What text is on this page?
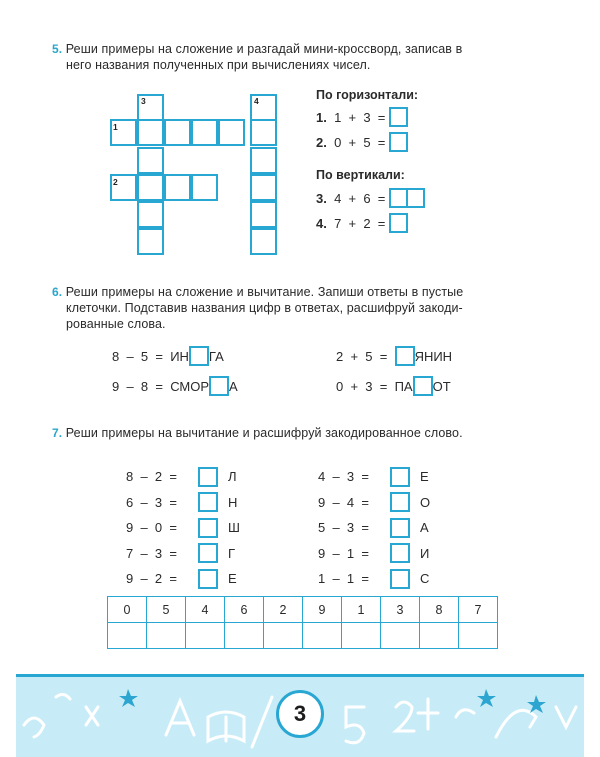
5. Реши примеры на сложение и разгадай мини-кроссворд, записав в
него названия полученных при вычислениях чисел.
1
2
3	4	По горизонтали:
1.
1  +  3  =

2.
0  +  5  =

По вертикали:
3.
4  +  6  =

4.
7  +  2  =

6. Реши примеры на сложение и вычитание. Запиши ответы в пустые
клеточки. Подставив названия цифр в ответах, расшифруй закоди-
рованные слова.
8  –  5  =
ИН ГА
9  –  8  =
СМОР А
2  +  5  =
ЯНИН
0  +  3  =
ПА ОТ
7. Реши примеры на вычитание и расшифруй закодированное слово.
8  –  2  =	Л
6  –  3  =	Н
9  –  0  =	Ш
7  –  3  =	Г
9  –  2  =	Е
4  –  3  =	Е
9  –  4  =	О
5  –  3  =	А
9  –  1  =	И
1  –  1  =	С
0	5	4	6	2	9	1	3	8	7

3
